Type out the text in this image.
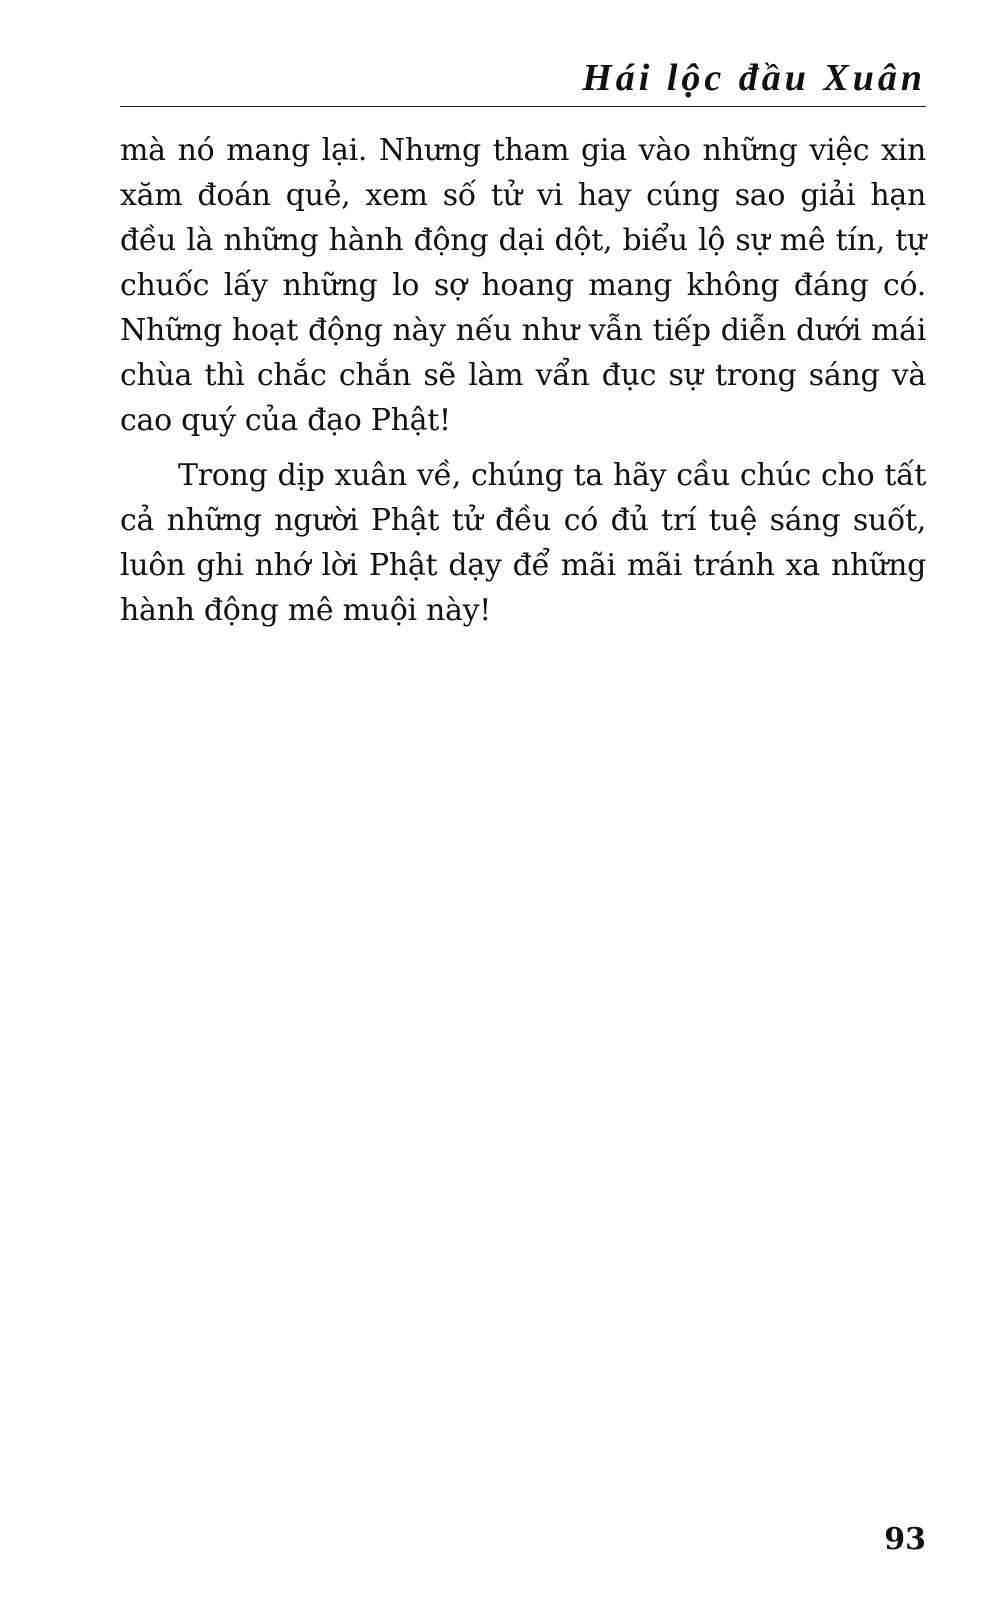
Hái lộc đầu Xuân

mà nó mang lại. Nhưng tham gia vào những việc xin xăm đoán quẻ, xem số tử vi hay cúng sao giải hạn đều là những hành động dại dột, biểu lộ sự mê tín, tự chuốc lấy những lo sợ hoang mang không đáng có. Những hoạt động này nếu như vẫn tiếp diễn dưới mái chùa thì chắc chắn sẽ làm vẩn đục sự trong sáng và cao quý của đạo Phật!

Trong dịp xuân về, chúng ta hãy cầu chúc cho tất cả những người Phật tử đều có đủ trí tuệ sáng suốt, luôn ghi nhớ lời Phật dạy để mãi mãi tránh xa những hành động mê muội này!

93
